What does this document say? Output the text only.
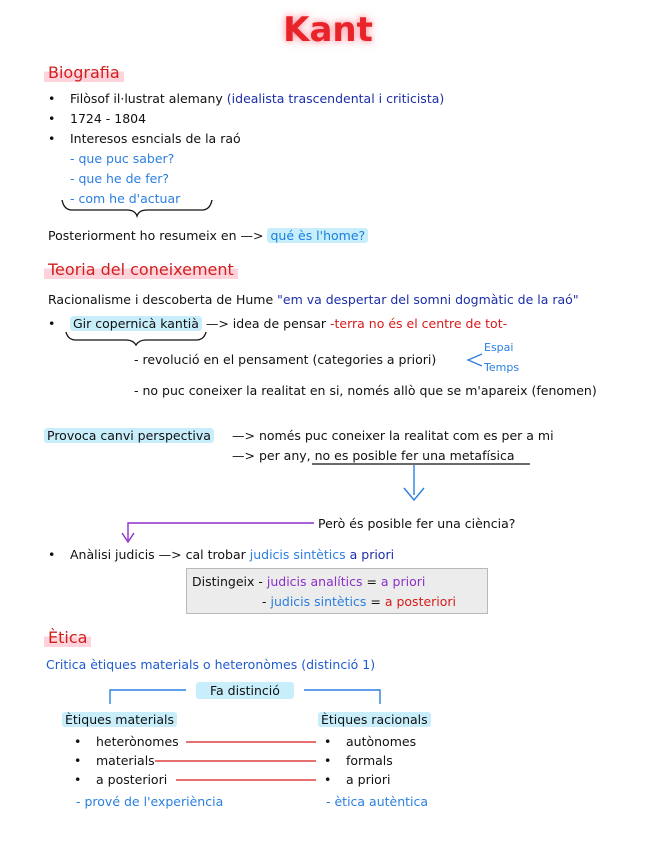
Kant
Biografia
• Filòsof il·lustrat alemany (idealista trascendental i criticista)
• 1724 - 1804
• Interesos esncials de la raó
- que puc saber?
- que he de fer?
- com he d'actuar
Posteriorment ho resumeix en —> qué ès l'home?
Teoria del coneixement
Racionalisme i descoberta de Hume "em va despertar del somni dogmàtic de la raó"
• Gir copernicà kantià —> idea de pensar -terra no és el centre de tot-
- revolució en el pensament (categories a priori)
Espai
Temps
- no puc coneixer la realitat en si, només allò que se m'apareix (fenomen)
Provoca canvi perspectiva —> només puc coneixer la realitat com es per a mi
—> per any, no es posible fer una metafísica
Però és posible fer una ciència?
• Anàlisi judicis —> cal trobar judicis sintètics a priori
Distingeix - judicis analítics = a priori
- judicis sintètics = a posteriori
Ètica
Critica ètiques materials o heteronòmes (distinció 1)
Fa distinció
Ètiques materials
• heterònomes
• materials
• a posteriori
- prové de l'experiència
Ètiques racionals
• autònomes
• formals
• a priori
- ètica autèntica
